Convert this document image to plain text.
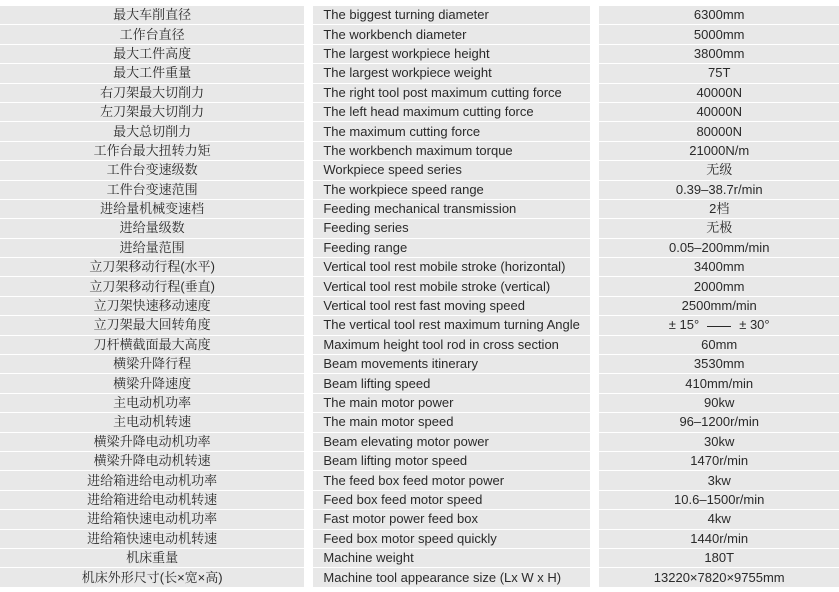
最大车削直径	The biggest turning diameter	6300mm
工作台直径	The workbench diameter	5000mm
最大工件高度	The largest workpiece height	3800mm
最大工件重量	The largest workpiece weight	75T
右刀架最大切削力	The right tool post maximum cutting force	40000N
左刀架最大切削力	The left head maximum cutting force	40000N
最大总切削力	The maximum cutting force	80000N
工作台最大扭转力矩	The workbench maximum torque	21000N/m
工件台变速级数	Workpiece speed series	无级
工件台变速范围	The workpiece speed range	0.39–38.7r/min
进给量机械变速档	Feeding mechanical transmission	2档
进给量级数	Feeding series	无极
进给量范围	Feeding range	0.05–200mm/min
立刀架移动行程(水平)	Vertical tool rest mobile stroke (horizontal)	3400mm
立刀架移动行程(垂直)	Vertical tool rest mobile stroke (vertical)	2000mm
立刀架快速移动速度	Vertical tool rest fast moving speed	2500mm/min
立刀架最大回转角度	The vertical tool rest maximum turning Angle	± 15° ± 30°
刀杆横截面最大高度	Maximum height tool rod in cross section	60mm
横梁升降行程	Beam movements itinerary	3530mm
横梁升降速度	Beam lifting speed	410mm/min
主电动机功率	The main motor power	90kw
主电动机转速	The main motor speed	96–1200r/min
横梁升降电动机功率	Beam elevating motor power	30kw
横梁升降电动机转速	Beam lifting motor speed	1470r/min
进给箱进给电动机功率	The feed box feed motor power	3kw
进给箱进给电动机转速	Feed box feed motor speed	10.6–1500r/min
进给箱快速电动机功率	Fast motor power feed box	4kw
进给箱快速电动机转速	Feed box motor speed quickly	1440r/min
机床重量	Machine weight	180T
机床外形尺寸(长×宽×高)	Machine tool appearance size (Lx W x H)	13220×7820×9755mm
